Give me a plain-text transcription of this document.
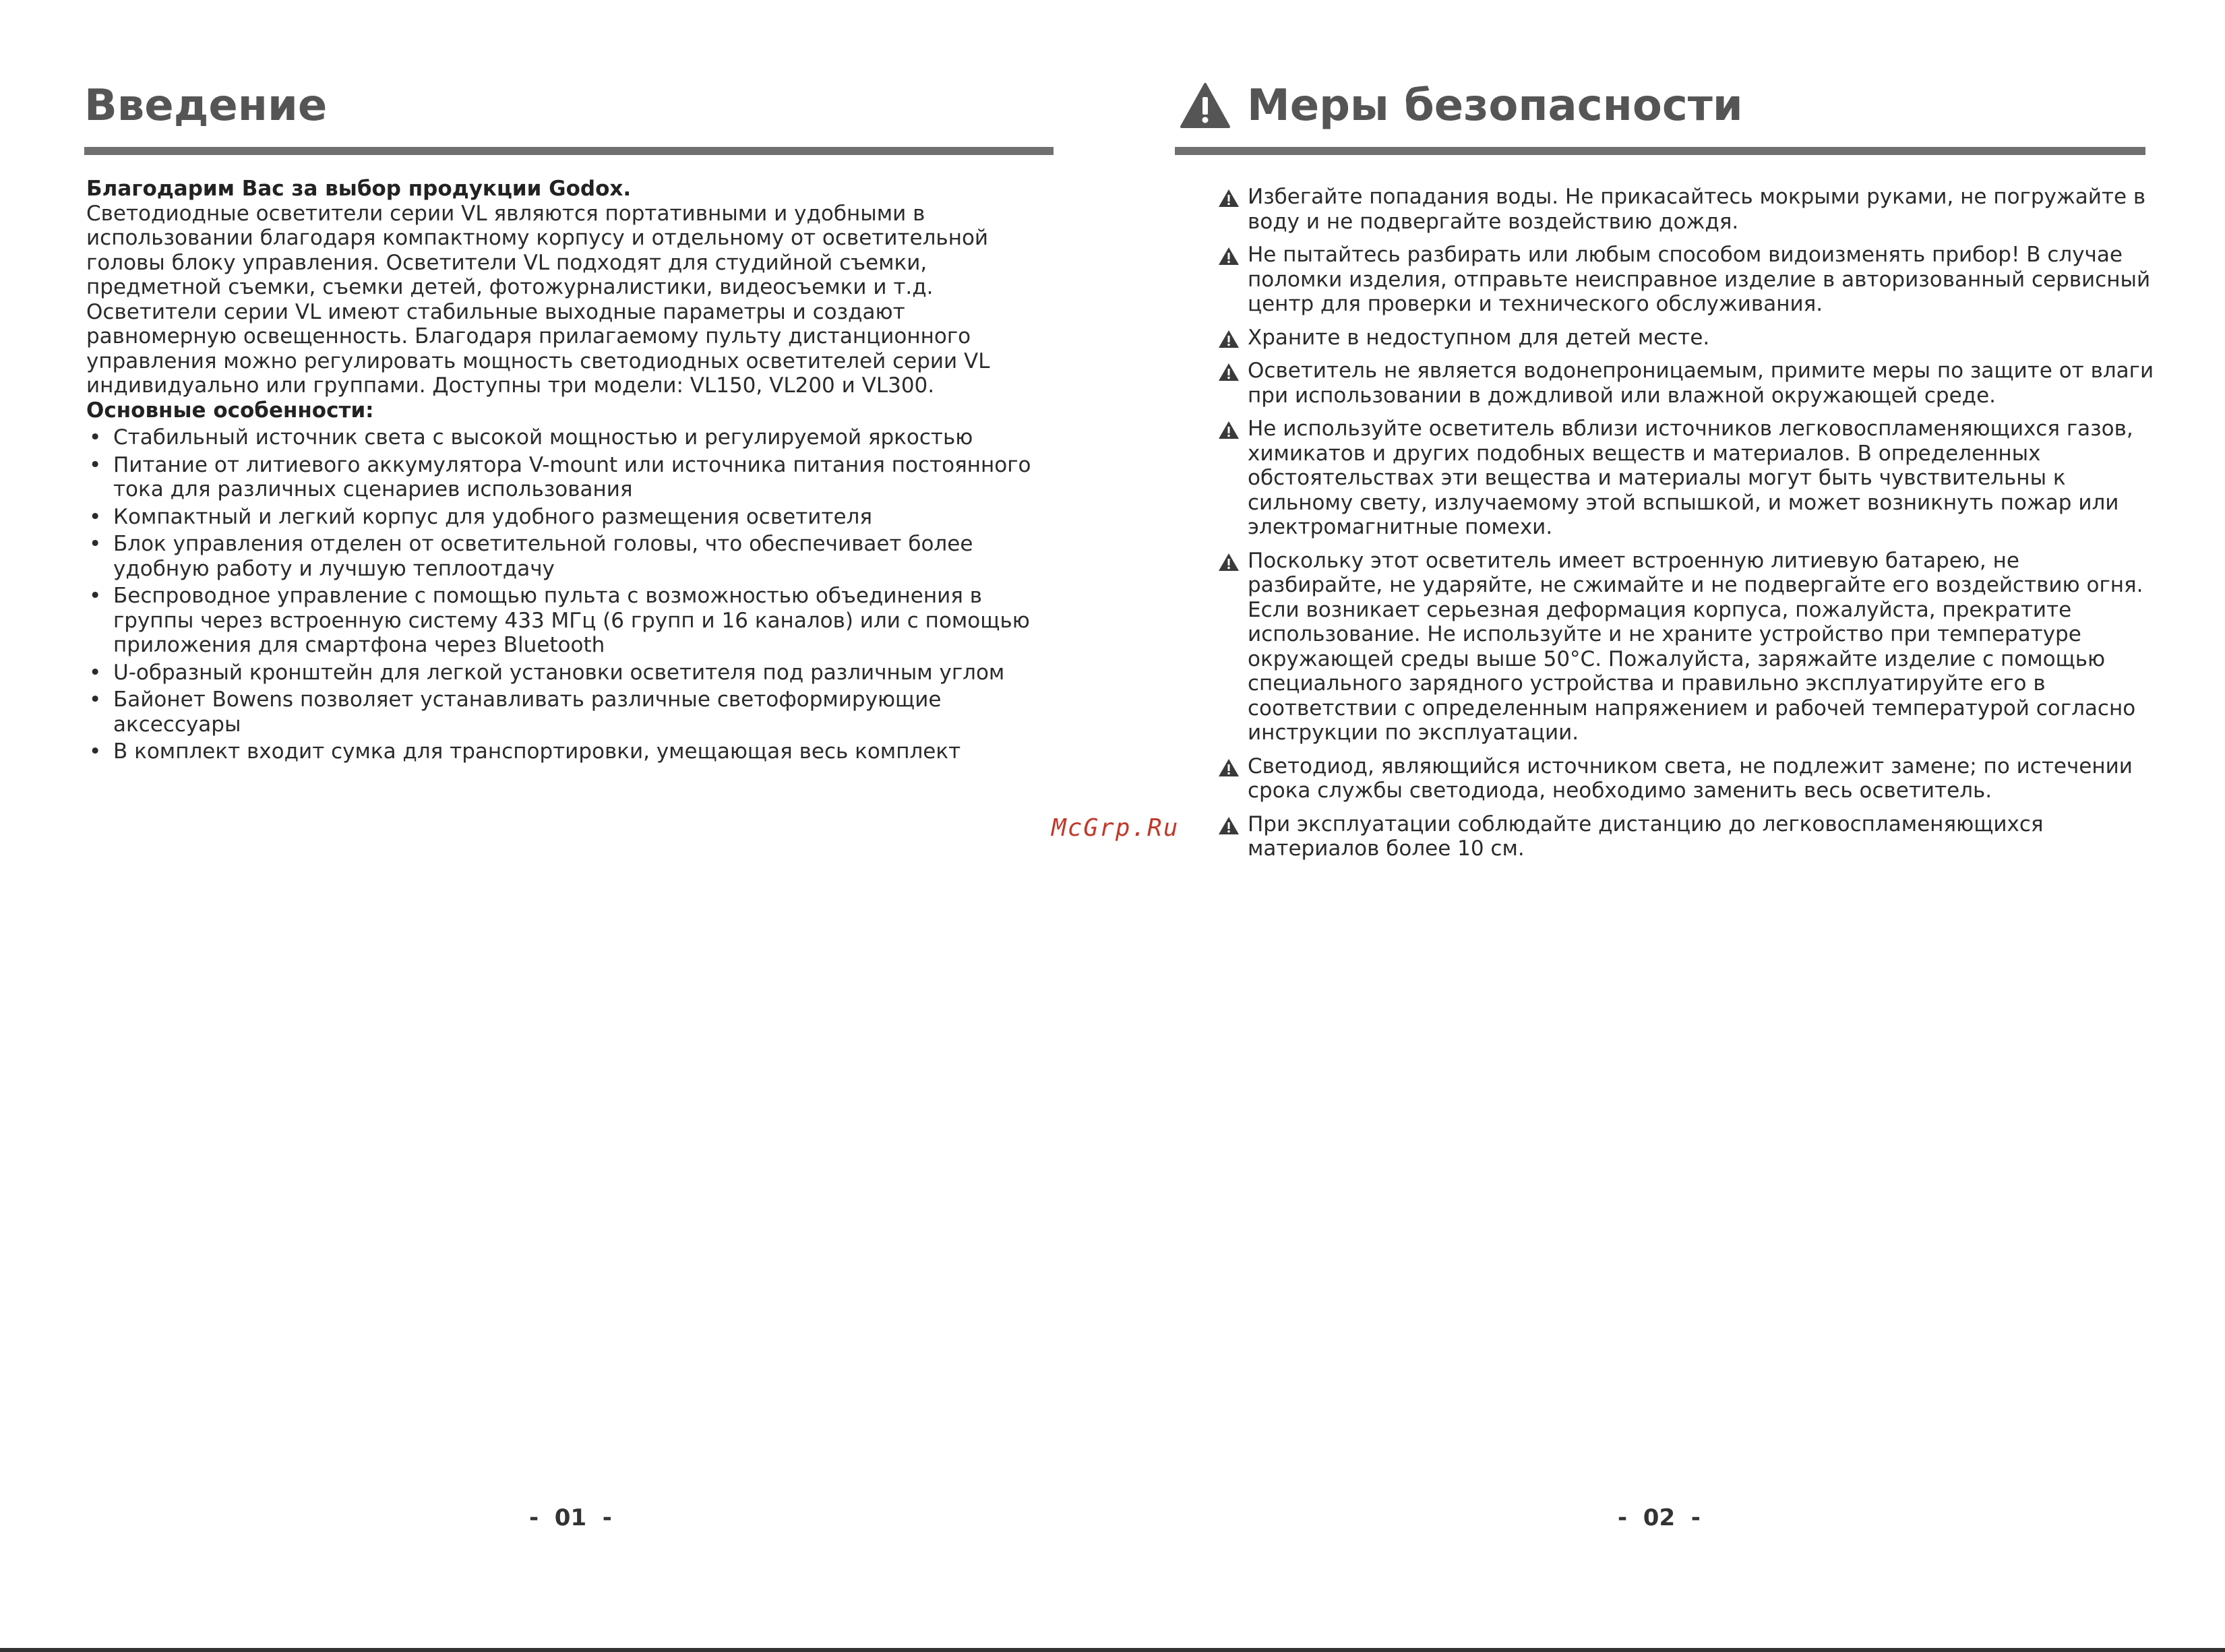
Введение

Благодарим Вас за выбор продукции Godox.

Светодиодные осветители серии VL являются портативными и удобными в использовании благодаря компактному корпусу и отдельному от осветительной головы блоку управления. Осветители VL подходят для студийной съемки, предметной съемки, съемки детей, фотожурналистики, видеосъемки и т.д. Осветители серии VL имеют стабильные выходные параметры и создают равномерную освещенность. Благодаря прилагаемому пульту дистанционного управления можно регулировать мощность светодиодных осветителей серии VL индивидуально или группами. Доступны три модели: VL150, VL200 и VL300.

Основные особенности:

• Стабильный источник света с высокой мощностью и регулируемой яркостью
• Питание от литиевого аккумулятора V-mount или источника питания постоянного тока для различных сценариев использования
• Компактный и легкий корпус для удобного размещения осветителя
• Блок управления отделен от осветительной головы, что обеспечивает более удобную работу и лучшую теплоотдачу
• Беспроводное управление с помощью пульта с возможностью объединения в группы через встроенную систему 433 МГц (6 групп и 16 каналов) или с помощью приложения для смартфона через Bluetooth
• U-образный кронштейн для легкой установки осветителя под различным углом
• Байонет Bowens позволяет устанавливать различные светоформирующие аксессуары
• В комплект входит сумка для транспортировки, умещающая весь комплект
-  01  -
Меры безопасности
Избегайте попадания воды. Не прикасайтесь мокрыми руками, не погружайте в воду и не подвергайте воздействию дождя.
Не пытайтесь разбирать или любым способом видоизменять прибор! В случае поломки изделия, отправьте неисправное изделие в авторизованный сервисный центр для проверки и технического обслуживания.
Храните в недоступном для детей месте.
Осветитель не является водонепроницаемым, примите меры по защите от влаги при использовании в дождливой или влажной окружающей среде.
Не используйте осветитель вблизи источников легковоспламеняющихся газов, химикатов и других подобных веществ и материалов. В определенных обстоятельствах эти вещества и материалы могут быть чувствительны к сильному свету, излучаемому этой вспышкой, и может возникнуть пожар или электромагнитные помехи.
Поскольку этот осветитель имеет встроенную литиевую батарею, не разбирайте, не ударяйте, не сжимайте и не подвергайте его воздействию огня. Если возникает серьезная деформация корпуса, пожалуйста, прекратите использование. Не используйте и не храните устройство при температуре окружающей среды выше 50°C. Пожалуйста, заряжайте изделие с помощью специального зарядного устройства и правильно эксплуатируйте его в соответствии с определенным напряжением и рабочей температурой согласно инструкции по эксплуатации.
Светодиод, являющийся источником света, не подлежит замене; по истечении срока службы светодиода, необходимо заменить весь осветитель.
При эксплуатации соблюдайте дистанцию до легковоспламеняющихся материалов более 10 см.
-  02  -
McGrp.Ru
